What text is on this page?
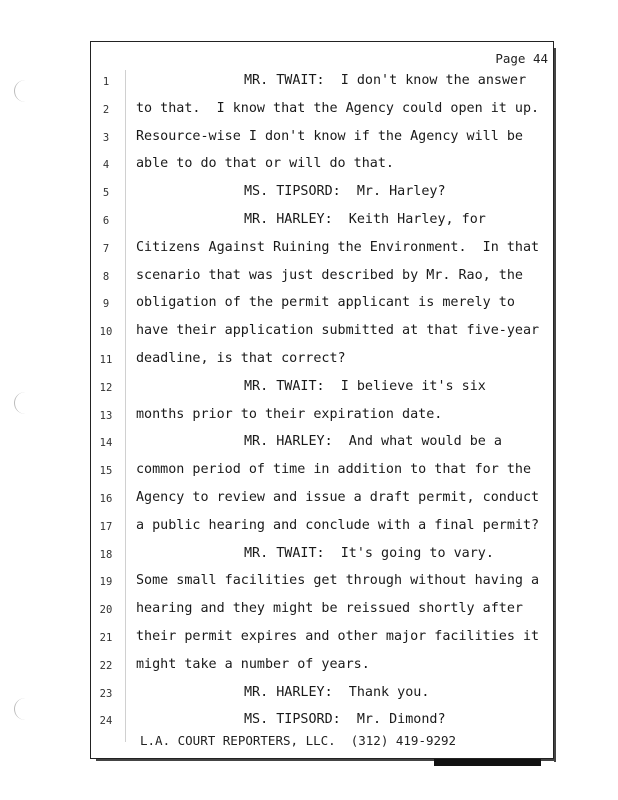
Page 44
1	MR. TWAIT:  I don't know the answer
2	to that.  I know that the Agency could open it up.
3	Resource-wise I don't know if the Agency will be
4	able to do that or will do that.
5	MS. TIPSORD:  Mr. Harley?
6	MR. HARLEY:  Keith Harley, for
7	Citizens Against Ruining the Environment.  In that
8	scenario that was just described by Mr. Rao, the
9	obligation of the permit applicant is merely to
10 have their application submitted at that five-year
11 deadline, is that correct?
12	MR. TWAIT:  I believe it's six
13 months prior to their expiration date.
14	MR. HARLEY:  And what would be a
15 common period of time in addition to that for the
16 Agency to review and issue a draft permit, conduct
17 a public hearing and conclude with a final permit?
18	MR. TWAIT:  It's going to vary.
19 Some small facilities get through without having a
20 hearing and they might be reissued shortly after
21 their permit expires and other major facilities it
22 might take a number of years.
23	MR. HARLEY:  Thank you.
24	MS. TIPSORD:  Mr. Dimond?
L.A. COURT REPORTERS, LLC.  (312) 419-9292
